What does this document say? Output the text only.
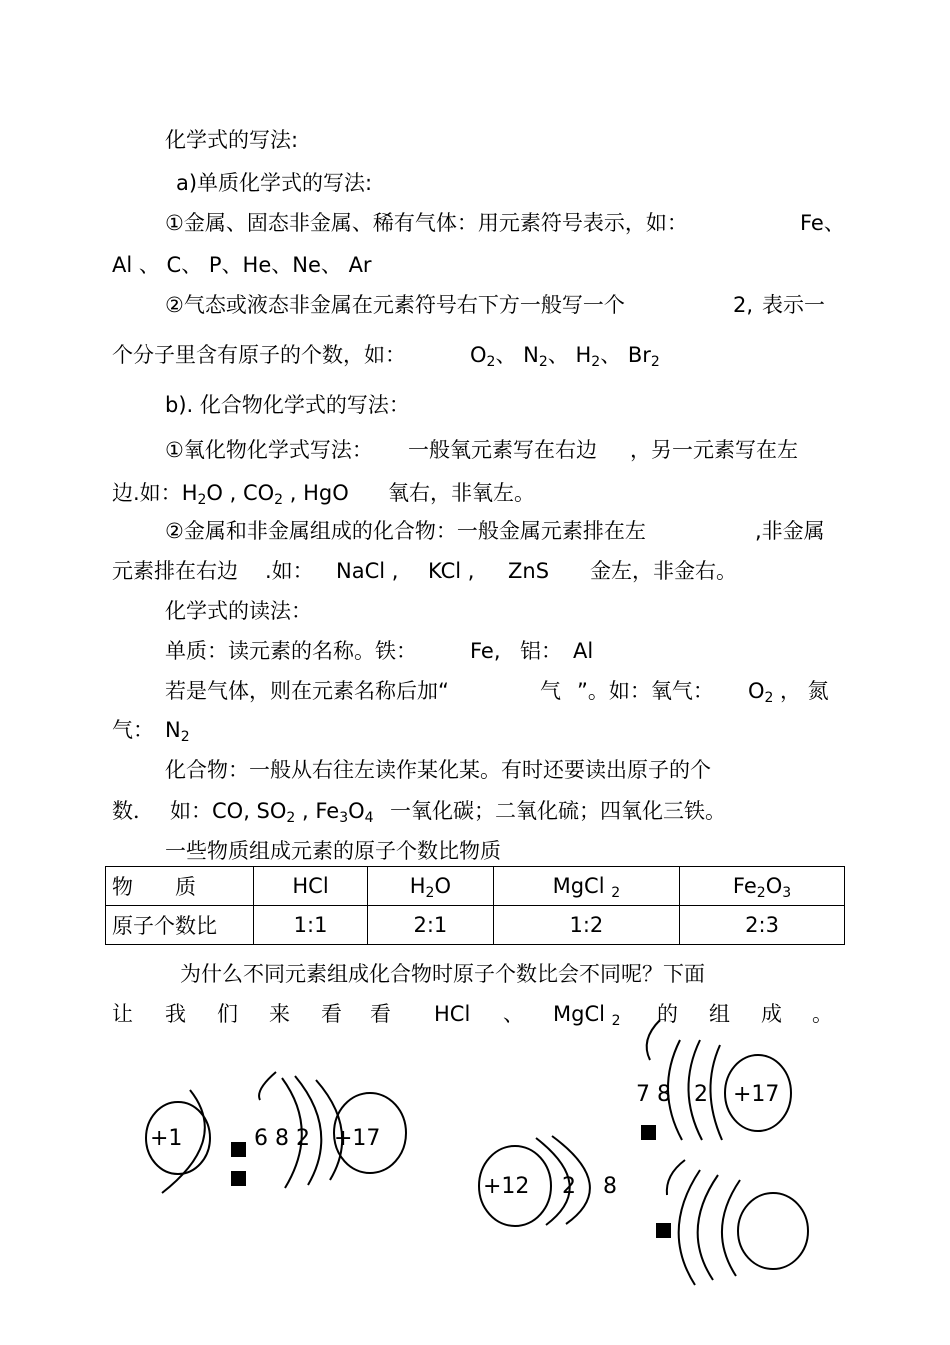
化学式的写法:
a)单质化学式的写法:
①金属、固态非金属、稀有气体：用元素符号表示，如：	Fe、
Al 、 C、 P、He、Ne、 Ar
②气态或液态非金属在元素符号右下方一般写一个	2, 表示一
个分子里含有原子的个数，如：	$O_2$、 $N_2$、 $H_2$、 $Br_2$
b). 化合物化学式的写法：
①氧化物化学式写法： 一般氧元素写在右边 ，另一元素写在左
边.如：$H_2O$ , $CO_2$ , HgO 氧右，非氧左。
②金属和非金属组成的化合物：一般金属元素排在左	,非金属
元素排在右边 .如： NaCl , KCl , ZnS 金左，非金右。
化学式的读法：
单质：读元素的名称。铁：	Fe, 铝： Al
若是气体，则在元素名称后加“	气 ”。如：氧气： $O_2$ ， 氮
气： $N_2$
化合物：一般从右往左读作某化某。有时还要读出原子的个
数． 如：CO, $SO_2$ , $Fe_3O_4$ 一氧化碳；二氧化硫；四氧化三铁。
一些物质组成元素的原子个数比物质
物　　质	HCl	$H_2O$	MgCl $_2$	$Fe_2O_3$
原子个数比	1:1	2:1	1:2	2:3
为什么不同元素组成化合物时原子个数比会不同呢？下面
让 我 们 来 看 看 HCl 、 MgCl $_2$ 的 组 成 。
+1	6 8 2 +17
+12 2 8
7 8 2 +17
